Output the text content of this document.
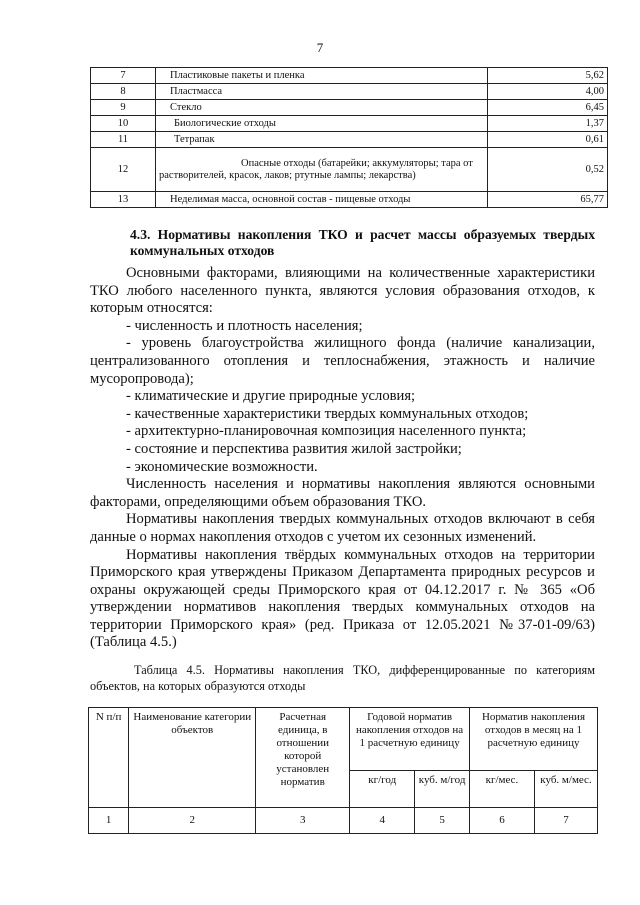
7
7	Пластиковые пакеты и пленка	5,62
8	Пластмасса	4,00
9	Стекло	6,45
10	Биологические отходы	1,37
11	Тетрапак	0,61
12	Опасные отходы (батарейки; аккумуляторы; тара от
растворителей, красок, лаков; ртутные лампы; лекарства)	0,52
13	Неделимая масса, основной состав - пищевые отходы	65,77
4.3. Нормативы накопления ТКО и расчет массы образуемых твердых коммунальных отходов

Основными факторами, влияющими на количественные характеристики ТКО любого населенного пункта, являются условия образования отходов, к которым относятся:

- численность и плотность населения;

- уровень благоустройства жилищного фонда (наличие канализации, централизованного отопления и теплоснабжения, этажность и наличие мусоропровода);

- климатические и другие природные условия;

- качественные характеристики твердых коммунальных отходов;

- архитектурно-планировочная композиция населенного пункта;

- состояние и перспектива развития жилой застройки;

- экономические возможности.

Численность населения и нормативы накопления являются основными факторами, определяющими объем образования ТКО.

Нормативы накопления твердых коммунальных отходов включают в себя данные о нормах накопления отходов с учетом их сезонных изменений.

Нормативы накопления твёрдых коммунальных отходов на территории Приморского края утверждены Приказом Департамента природных ресурсов и охраны окружающей среды Приморского края от 04.12.2017 г. № 365 «Об утверждении нормативов накопления твердых коммунальных отходов на территории Приморского края» (ред. Приказа от 12.05.2021 №37-01-09/63) (Таблица 4.5.)

Таблица 4.5. Нормативы накопления ТКО, дифференцированные по категориям объектов, на которых образуются отходы
N п/п	Наименование категории объектов	Расчетная единица, в отношении которой установлен норматив	Годовой норматив накопления отходов на 1 расчетную единицу		Норматив накопления отходов в месяц на 1 расчетную единицу	
			кг/год	куб. м/год	кг/мес.	куб. м/мес.
1	2	3	4	5	6	7
